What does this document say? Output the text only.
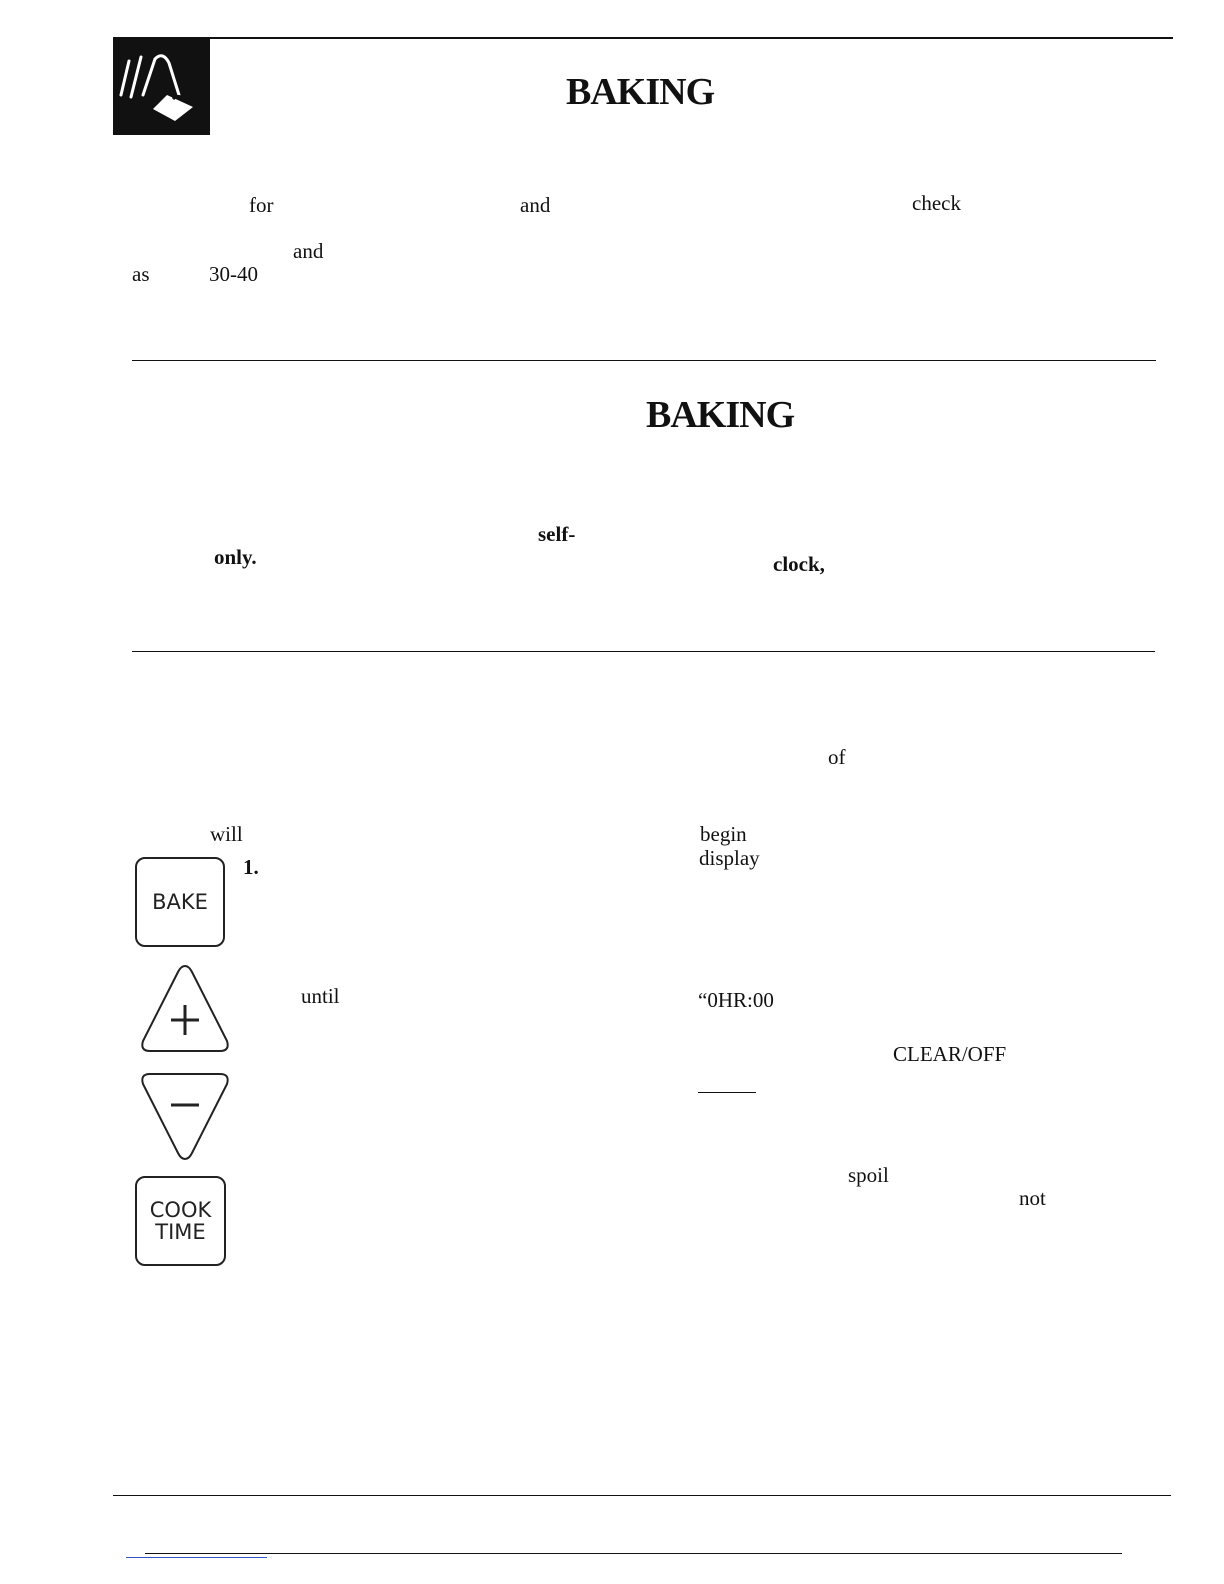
BAKING
for	and	check
and
as	30-40
BAKING
self-
only.	clock,
of
will	begin
1.	display
until	“0HR:00
CLEAR/OFF
spoil
not
BAKE
COOK
TIME
